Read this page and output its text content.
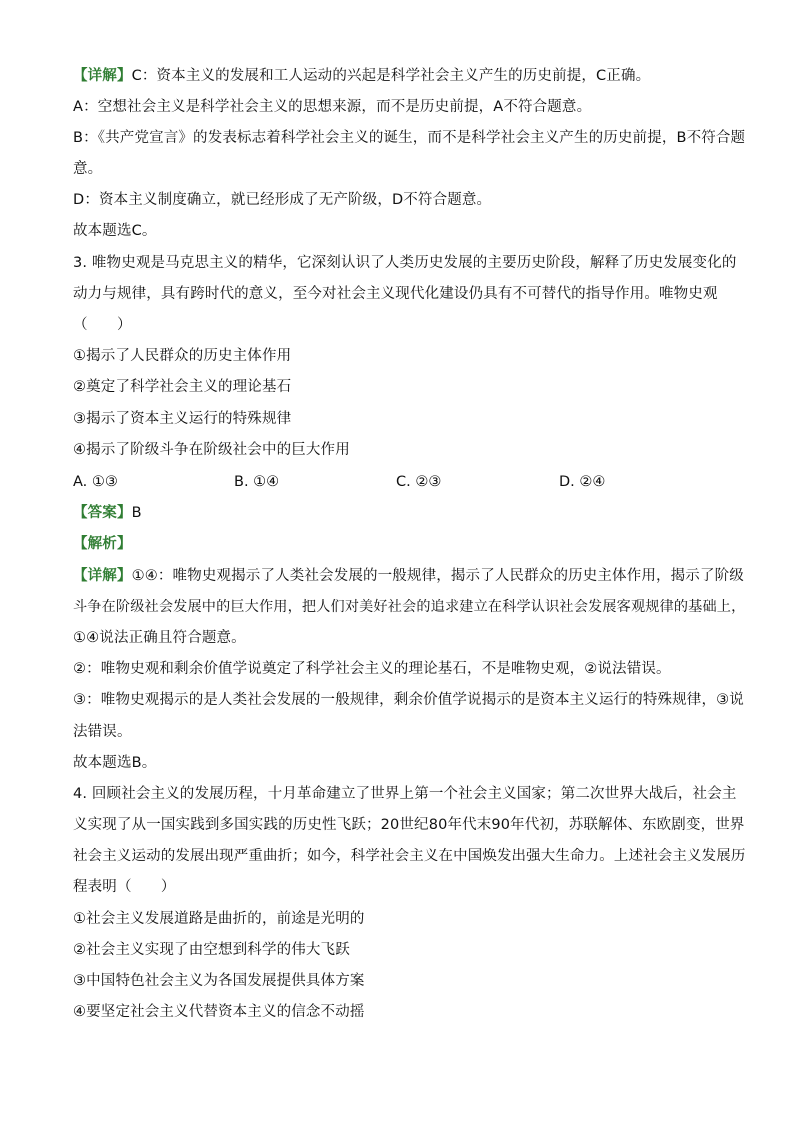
【详解】C：资本主义的发展和工人运动的兴起是科学社会主义产生的历史前提，C正确。
A：空想社会主义是科学社会主义的思想来源，而不是历史前提，A不符合题意。
B：《共产党宣言》的发表标志着科学社会主义的诞生，而不是科学社会主义产生的历史前提，B不符合题
意。
D：资本主义制度确立，就已经形成了无产阶级，D不符合题意。
故本题选C。
3. 唯物史观是马克思主义的精华，它深刻认识了人类历史发展的主要历史阶段，解释了历史发展变化的
动力与规律，具有跨时代的意义，至今对社会主义现代化建设仍具有不可替代的指导作用。唯物史观
（　　）
①揭示了人民群众的历史主体作用
②奠定了科学社会主义的理论基石
③揭示了资本主义运行的特殊规律
④揭示了阶级斗争在阶级社会中的巨大作用
A. ①③	B. ①④	C. ②③	D. ②④
【答案】B
【解析】
【详解】①④：唯物史观揭示了人类社会发展的一般规律，揭示了人民群众的历史主体作用，揭示了阶级
斗争在阶级社会发展中的巨大作用，把人们对美好社会的追求建立在科学认识社会发展客观规律的基础上，
①④说法正确且符合题意。
②：唯物史观和剩余价值学说奠定了科学社会主义的理论基石，不是唯物史观，②说法错误。
③：唯物史观揭示的是人类社会发展的一般规律，剩余价值学说揭示的是资本主义运行的特殊规律，③说
法错误。
故本题选B。
4. 回顾社会主义的发展历程，十月革命建立了世界上第一个社会主义国家；第二次世界大战后，社会主
义实现了从一国实践到多国实践的历史性飞跃；20世纪80年代末90年代初，苏联解体、东欧剧变，世界
社会主义运动的发展出现严重曲折；如今，科学社会主义在中国焕发出强大生命力。上述社会主义发展历
程表明（　　）
①社会主义发展道路是曲折的，前途是光明的
②社会主义实现了由空想到科学的伟大飞跃
③中国特色社会主义为各国发展提供具体方案
④要坚定社会主义代替资本主义的信念不动摇
